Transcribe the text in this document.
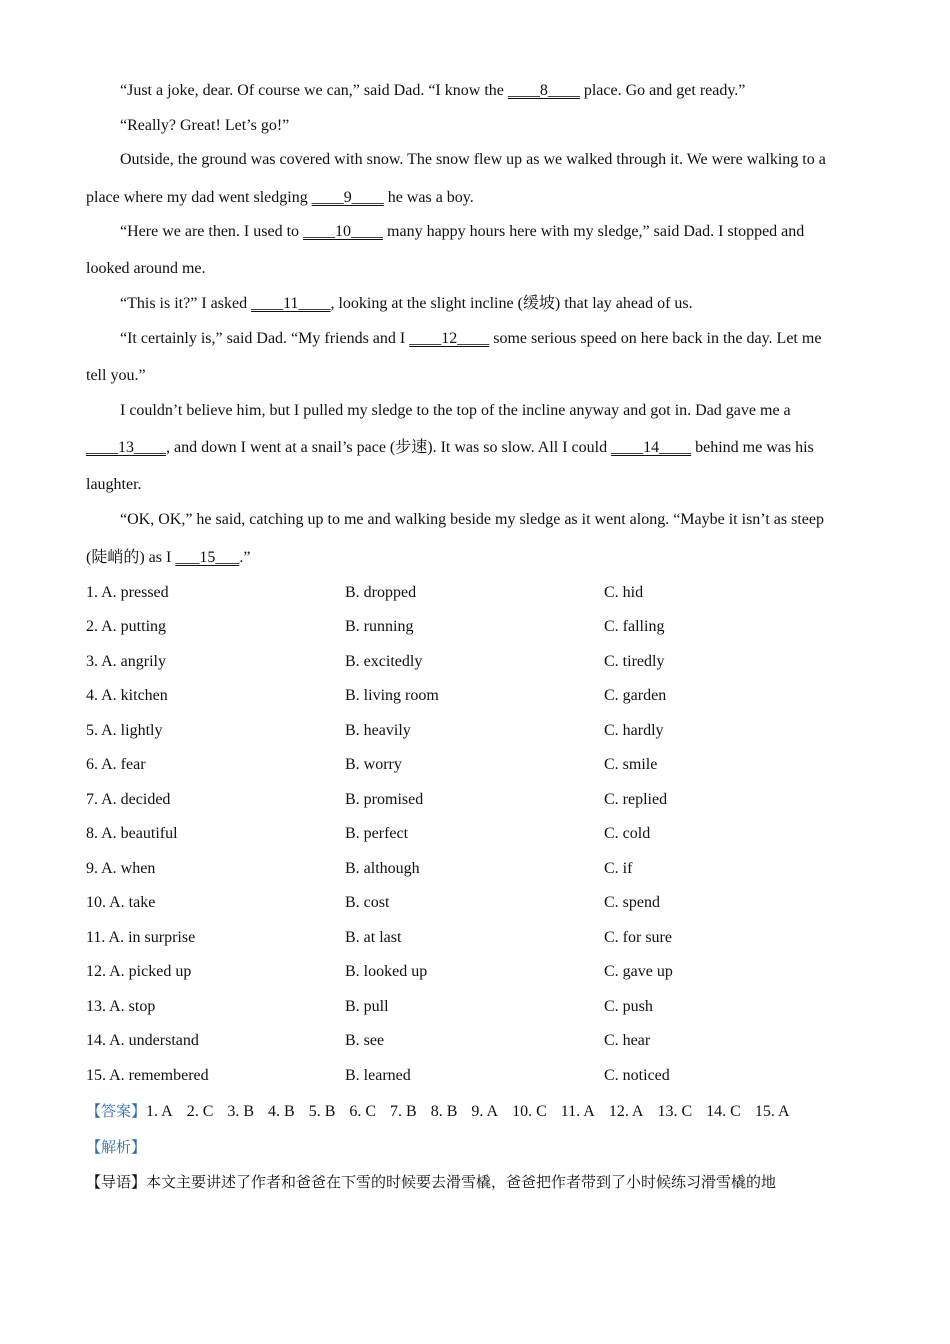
“Just a joke, dear. Of course we can,” said Dad. “I know the ____8____ place. Go and get ready.”
“Really? Great! Let’s go!”
Outside, the ground was covered with snow. The snow flew up as we walked through it. We were walking to a
place where my dad went sledging ____9____ he was a boy.
“Here we are then. I used to ____10____ many happy hours here with my sledge,” said Dad. I stopped and
looked around me.
“This is it?” I asked ____11____, looking at the slight incline (缓坡) that lay ahead of us.
“It certainly is,” said Dad. “My friends and I ____12____ some serious speed on here back in the day. Let me
tell you.”
I couldn’t believe him, but I pulled my sledge to the top of the incline anyway and got in. Dad gave me a
____13____, and down I went at a snail’s pace (步速). It was so slow. All I could ____14____ behind me was his
laughter.
“OK, OK,” he said, catching up to me and walking beside my sledge as it went along. “Maybe it isn’t as steep
(陡峭的) as I ___15___.”
1. A. pressed	B. dropped	C. hid
2. A. putting	B. running	C. falling
3. A. angrily	B. excitedly	C. tiredly
4. A. kitchen	B. living room	C. garden
5. A. lightly	B. heavily	C. hardly
6. A. fear	B. worry	C. smile
7. A. decided	B. promised	C. replied
8. A. beautiful	B. perfect	C. cold
9. A. when	B. although	C. if
10. A. take	B. cost	C. spend
11. A. in surprise	B. at last	C. for sure
12. A. picked up	B. looked up	C. gave up
13. A. stop	B. pull	C. push
14. A. understand	B. see	C. hear
15. A. remembered	B. learned	C. noticed
【答案】1. A 2. C 3. B 4. B 5. B 6. C 7. B 8. B 9. A 10. C 11. A 12. A 13. C 14. C 15. A
【解析】
【导语】本文主要讲述了作者和爸爸在下雪的时候要去滑雪橇，爸爸把作者带到了小时候练习滑雪橇的地
